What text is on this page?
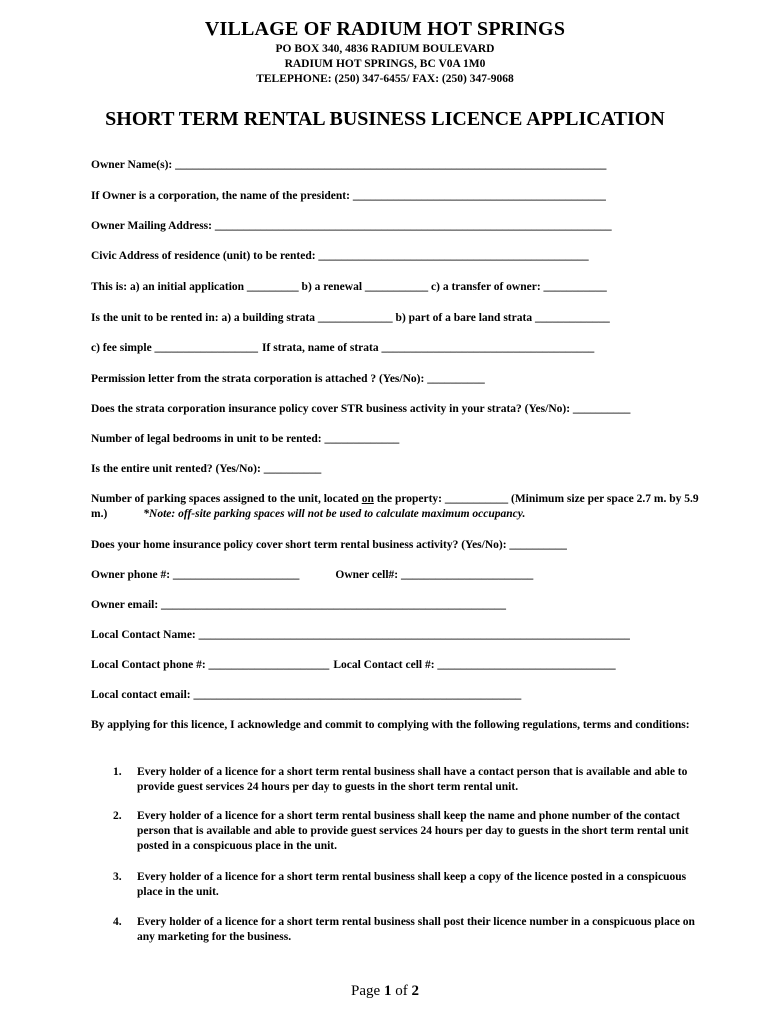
VILLAGE OF RADIUM HOT SPRINGS
PO BOX 340, 4836 RADIUM BOULEVARD
RADIUM HOT SPRINGS, BC V0A 1M0
TELEPHONE: (250) 347-6455/ FAX: (250) 347-9068
SHORT TERM RENTAL BUSINESS LICENCE APPLICATION
Owner Name(s): ___________________________________________________________________________
If Owner is a corporation, the name of the president: ____________________________________________
Owner Mailing Address: _____________________________________________________________________
Civic Address of residence (unit) to be rented: _______________________________________________
This is: a) an initial application _________ b) a renewal ___________ c) a transfer of owner: ___________
Is the unit to be rented in: a) a building strata _____________ b) part of a bare land strata _____________
c) fee simple __________________ If strata, name of strata _____________________________________
Permission letter from the strata corporation is attached ? (Yes/No): __________
Does the strata corporation insurance policy cover STR business activity in your strata? (Yes/No): __________
Number of legal bedrooms in unit to be rented: _____________
Is the entire unit rented? (Yes/No): __________
Number of parking spaces assigned to the unit, located on the property: ___________ (Minimum size per space 2.7 m. by 5.9 m.)	*Note: off-site parking spaces will not be used to calculate maximum occupancy.
Does your home insurance policy cover short term rental business activity? (Yes/No): __________
Owner phone #: ______________________	Owner cell#: _______________________
Owner email: ____________________________________________________________
Local Contact Name: ___________________________________________________________________________
Local Contact phone #: _____________________ Local Contact cell #: _______________________________
Local contact email: _________________________________________________________
By applying for this licence, I acknowledge and commit to complying with the following regulations, terms and conditions:
1. Every holder of a licence for a short term rental business shall have a contact person that is available and able to provide guest services 24 hours per day to guests in the short term rental unit.
2. Every holder of a licence for a short term rental business shall keep the name and phone number of the contact person that is available and able to provide guest services 24 hours per day to guests in the short term rental unit posted in a conspicuous place in the unit.
3. Every holder of a licence for a short term rental business shall keep a copy of the licence posted in a conspicuous place in the unit.
4. Every holder of a licence for a short term rental business shall post their licence number in a conspicuous place on any marketing for the business.
Page 1 of 2
